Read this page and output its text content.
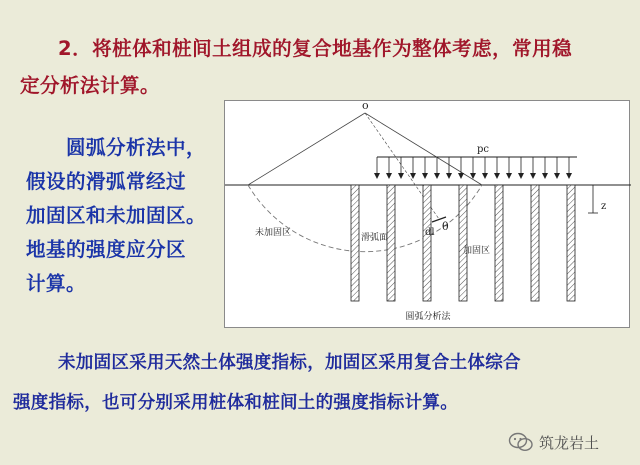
2．将桩体和桩间土组成的复合地基作为整体考虑，常用稳
定分析法计算。
圆弧分析法中，
假设的滑弧常经过
加固区和未加固区。
地基的强度应分区
计算。
z
o
pc
未加固区	滑弧面	dl θ
加固区
圆弧分析法
未加固区采用天然土体强度指标，加固区采用复合土体综合
强度指标，也可分别采用桩体和桩间土的强度指标计算。
筑龙岩土
